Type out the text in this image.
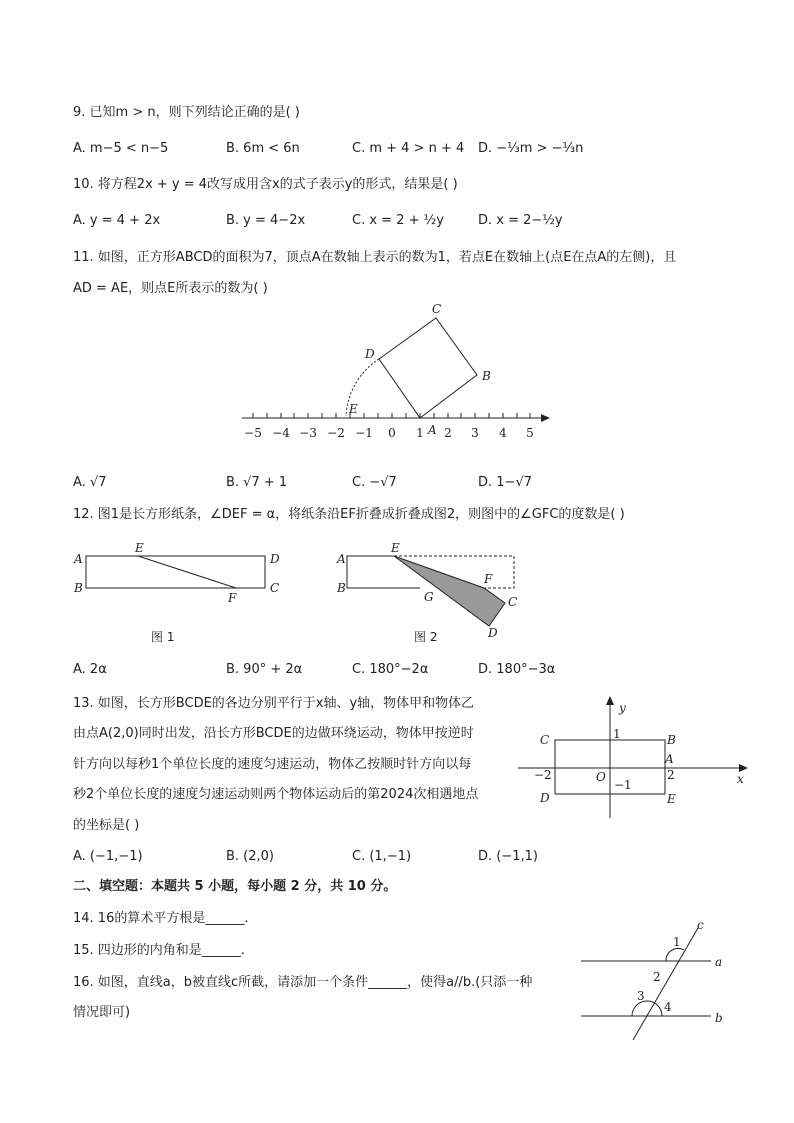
9. 已知m > n，则下列结论正确的是( )
A. m−5 < n−5	B. 6m < 6n	C. m + 4 > n + 4 D. −⅓m > −⅓n
10. 将方程2x + y = 4改写成用含x的式子表示y的形式，结果是( )
A. y = 4 + 2x	B. y = 4−2x	C. x = 2 + ½y	D. x = 2−½y
11. 如图，正方形ABCD的面积为7，顶点A在数轴上表示的数为1，若点E在数轴上(点E在点A的左侧)，且
AD = AE，则点E所表示的数为( )
−5 −4 −3 −2 −1 0 1 2 3 4 5
C
D
B
E
A
A. √7	B. √7 + 1	C. −√7	D. 1−√7
12. 图1是长方形纸条，∠DEF = α，将纸条沿EF折叠成折叠成图2，则图中的∠GFC的度数是( )
A
E
D
B
F
C
图 1
A
E
B
G
F
C
D
图 2
A. 2α	B. 90° + 2α	C. 180°−2α	D. 180°−3α
13. 如图，长方形BCDE的各边分别平行于x轴、y轴，物体甲和物体乙
由点A(2,0)同时出发，沿长方形BCDE的边做环绕运动，物体甲按逆时
针方向以每秒1个单位长度的速度匀速运动，物体乙按顺时针方向以每
秒2个单位长度的速度匀速运动则两个物体运动后的第2024次相遇地点
的坐标是( )
y
x
C	B
A
D	E
O
1
−1
−2	2
A. (−1,−1)	B. (2,0)	C. (1,−1)	D. (−1,1)
二、填空题：本题共 5 小题，每小题 2 分，共 10 分。
14. 16的算术平方根是______.
15. 四边形的内角和是______.
16. 如图，直线a，b被直线c所截，请添加一个条件______，使得a//b.(只添一种
情况即可)
c
a
b
1
2
3
4
